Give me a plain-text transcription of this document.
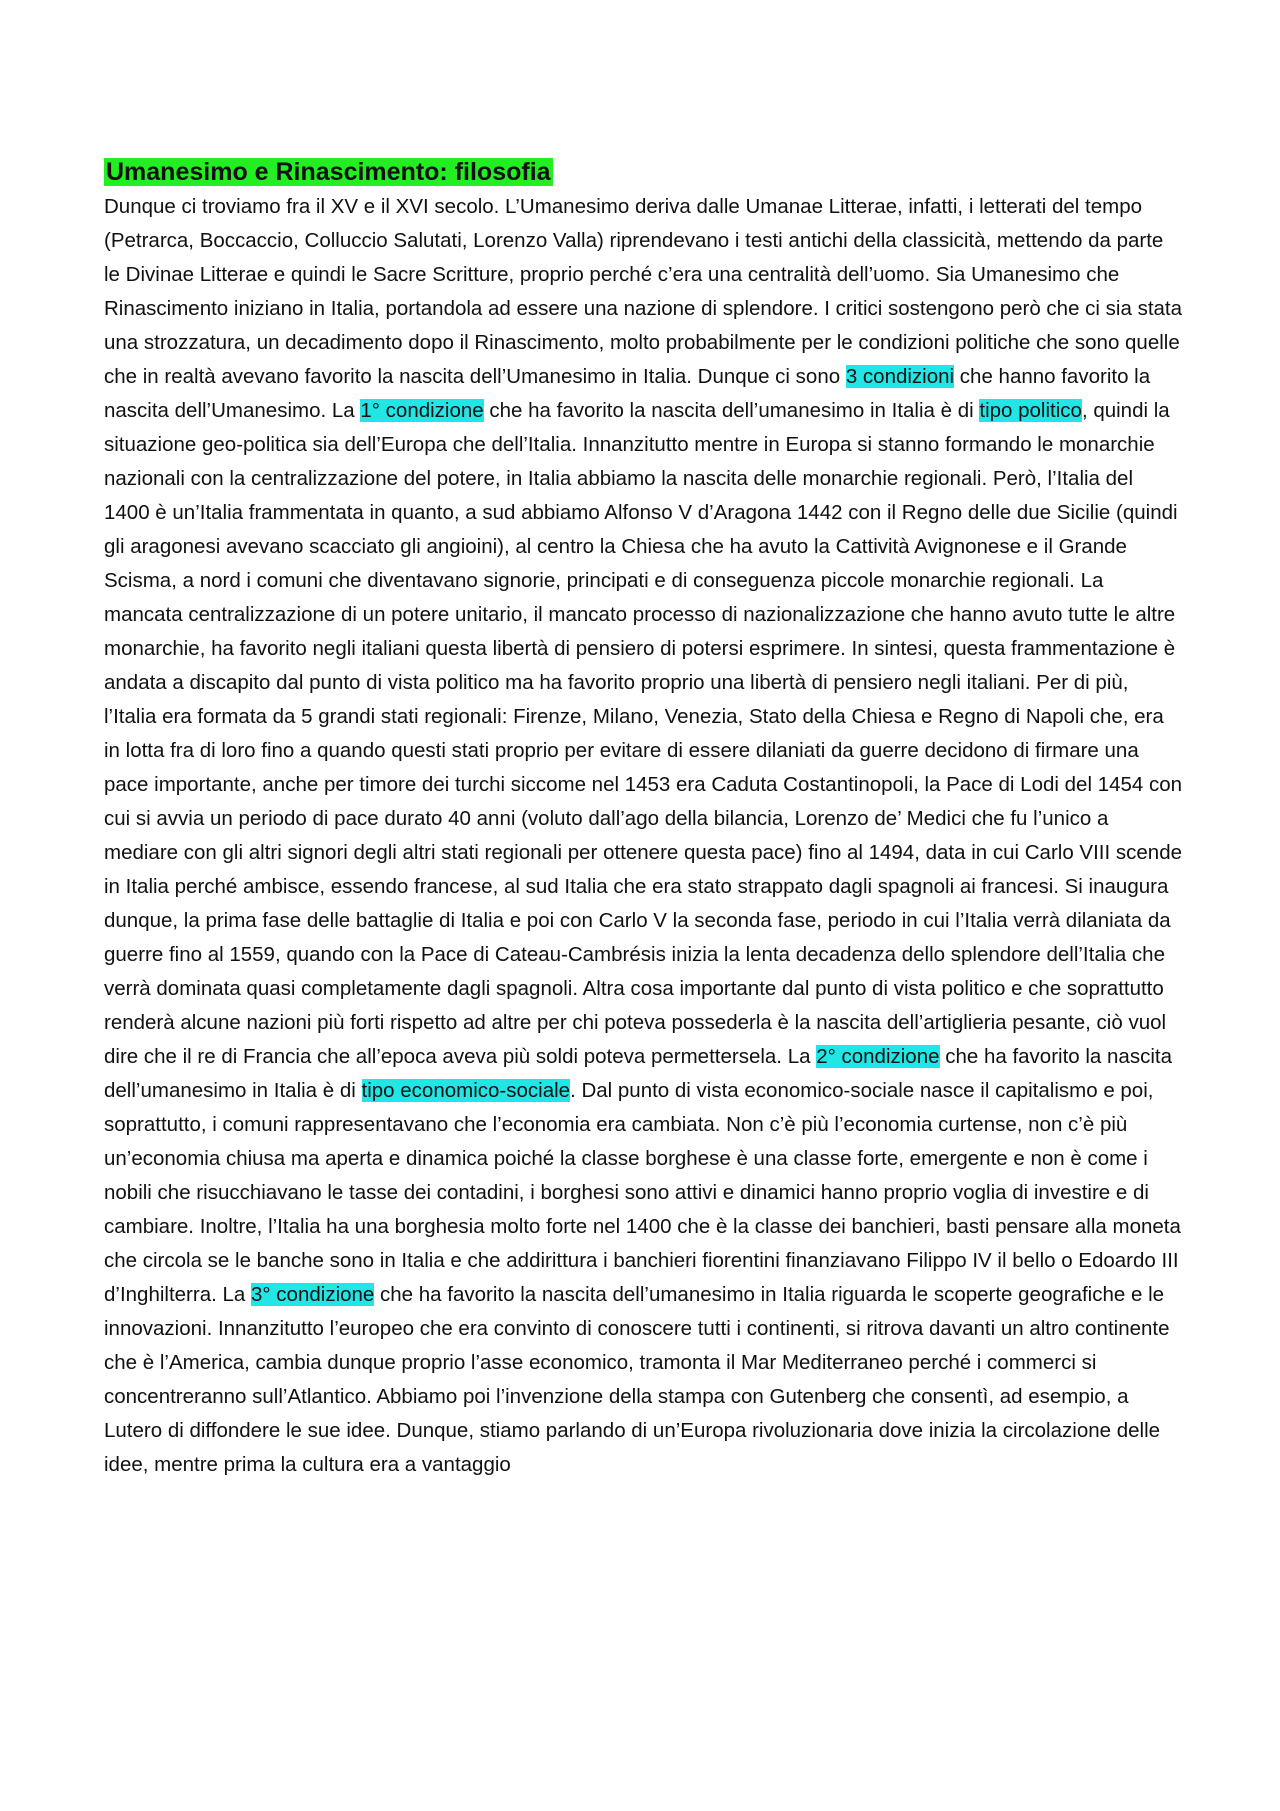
Umanesimo e Rinascimento: filosofia

Dunque ci troviamo fra il XV e il XVI secolo. L’Umanesimo deriva dalle Umanae Litterae, infatti, i letterati del tempo (Petrarca, Boccaccio, Colluccio Salutati, Lorenzo Valla) riprendevano i testi antichi della classicità, mettendo da parte le Divinae Litterae e quindi le Sacre Scritture, proprio perché c’era una centralità dell’uomo. Sia Umanesimo che Rinascimento iniziano in Italia, portandola ad essere una nazione di splendore. I critici sostengono però che ci sia stata una strozzatura, un decadimento dopo il Rinascimento, molto probabilmente per le condizioni politiche che sono quelle che in realtà avevano favorito la nascita dell’Umanesimo in Italia. Dunque ci sono 3 condizioni che hanno favorito la nascita dell’Umanesimo. La 1° condizione che ha favorito la nascita dell’umanesimo in Italia è di tipo politico, quindi la situazione geo-politica sia dell’Europa che dell’Italia. Innanzitutto mentre in Europa si stanno formando le monarchie nazionali con la centralizzazione del potere, in Italia abbiamo la nascita delle monarchie regionali. Però, l’Italia del 1400 è un’Italia frammentata in quanto, a sud abbiamo Alfonso V d’Aragona 1442 con il Regno delle due Sicilie (quindi gli aragonesi avevano scacciato gli angioini), al centro la Chiesa che ha avuto la Cattività Avignonese e il Grande Scisma, a nord i comuni che diventavano signorie, principati e di conseguenza piccole monarchie regionali. La mancata centralizzazione di un potere unitario, il mancato processo di nazionalizzazione che hanno avuto tutte le altre monarchie, ha favorito negli italiani questa libertà di pensiero di potersi esprimere. In sintesi, questa frammentazione è andata a discapito dal punto di vista politico ma ha favorito proprio una libertà di pensiero negli italiani. Per di più, l’Italia era formata da 5 grandi stati regionali: Firenze, Milano, Venezia, Stato della Chiesa e Regno di Napoli che, era in lotta fra di loro fino a quando questi stati proprio per evitare di essere dilaniati da guerre decidono di firmare una pace importante, anche per timore dei turchi siccome nel 1453 era Caduta Costantinopoli, la Pace di Lodi del 1454 con cui si avvia un periodo di pace durato 40 anni (voluto dall’ago della bilancia, Lorenzo de’ Medici che fu l’unico a mediare con gli altri signori degli altri stati regionali per ottenere questa pace) fino al 1494, data in cui Carlo VIII scende in Italia perché ambisce, essendo francese, al sud Italia che era stato strappato dagli spagnoli ai francesi. Si inaugura dunque, la prima fase delle battaglie di Italia e poi con Carlo V la seconda fase, periodo in cui l’Italia verrà dilaniata da guerre fino al 1559, quando con la Pace di Cateau-Cambrésis inizia la lenta decadenza dello splendore dell’Italia che verrà dominata quasi completamente dagli spagnoli. Altra cosa importante dal punto di vista politico e che soprattutto renderà alcune nazioni più forti rispetto ad altre per chi poteva possederla è la nascita dell’artiglieria pesante, ciò vuol dire che il re di Francia che all’epoca aveva più soldi poteva permettersela. La 2° condizione che ha favorito la nascita dell’umanesimo in Italia è di tipo economico-sociale. Dal punto di vista economico-sociale nasce il capitalismo e poi, soprattutto, i comuni rappresentavano che l’economia era cambiata. Non c’è più l’economia curtense, non c’è più un’economia chiusa ma aperta e dinamica poiché la classe borghese è una classe forte, emergente e non è come i nobili che risucchiavano le tasse dei contadini, i borghesi sono attivi e dinamici hanno proprio voglia di investire e di cambiare. Inoltre, l’Italia ha una borghesia molto forte nel 1400 che è la classe dei banchieri, basti pensare alla moneta che circola se le banche sono in Italia e che addirittura i banchieri fiorentini finanziavano Filippo IV il bello o Edoardo III d’Inghilterra. La 3° condizione che ha favorito la nascita dell’umanesimo in Italia riguarda le scoperte geografiche e le innovazioni. Innanzitutto l’europeo che era convinto di conoscere tutti i continenti, si ritrova davanti un altro continente che è l’America, cambia dunque proprio l’asse economico, tramonta il Mar Mediterraneo perché i commerci si concentreranno sull’Atlantico. Abbiamo poi l’invenzione della stampa con Gutenberg che consentì, ad esempio, a Lutero di diffondere le sue idee. Dunque, stiamo parlando di un’Europa rivoluzionaria dove inizia la circolazione delle idee, mentre prima la cultura era a vantaggio
